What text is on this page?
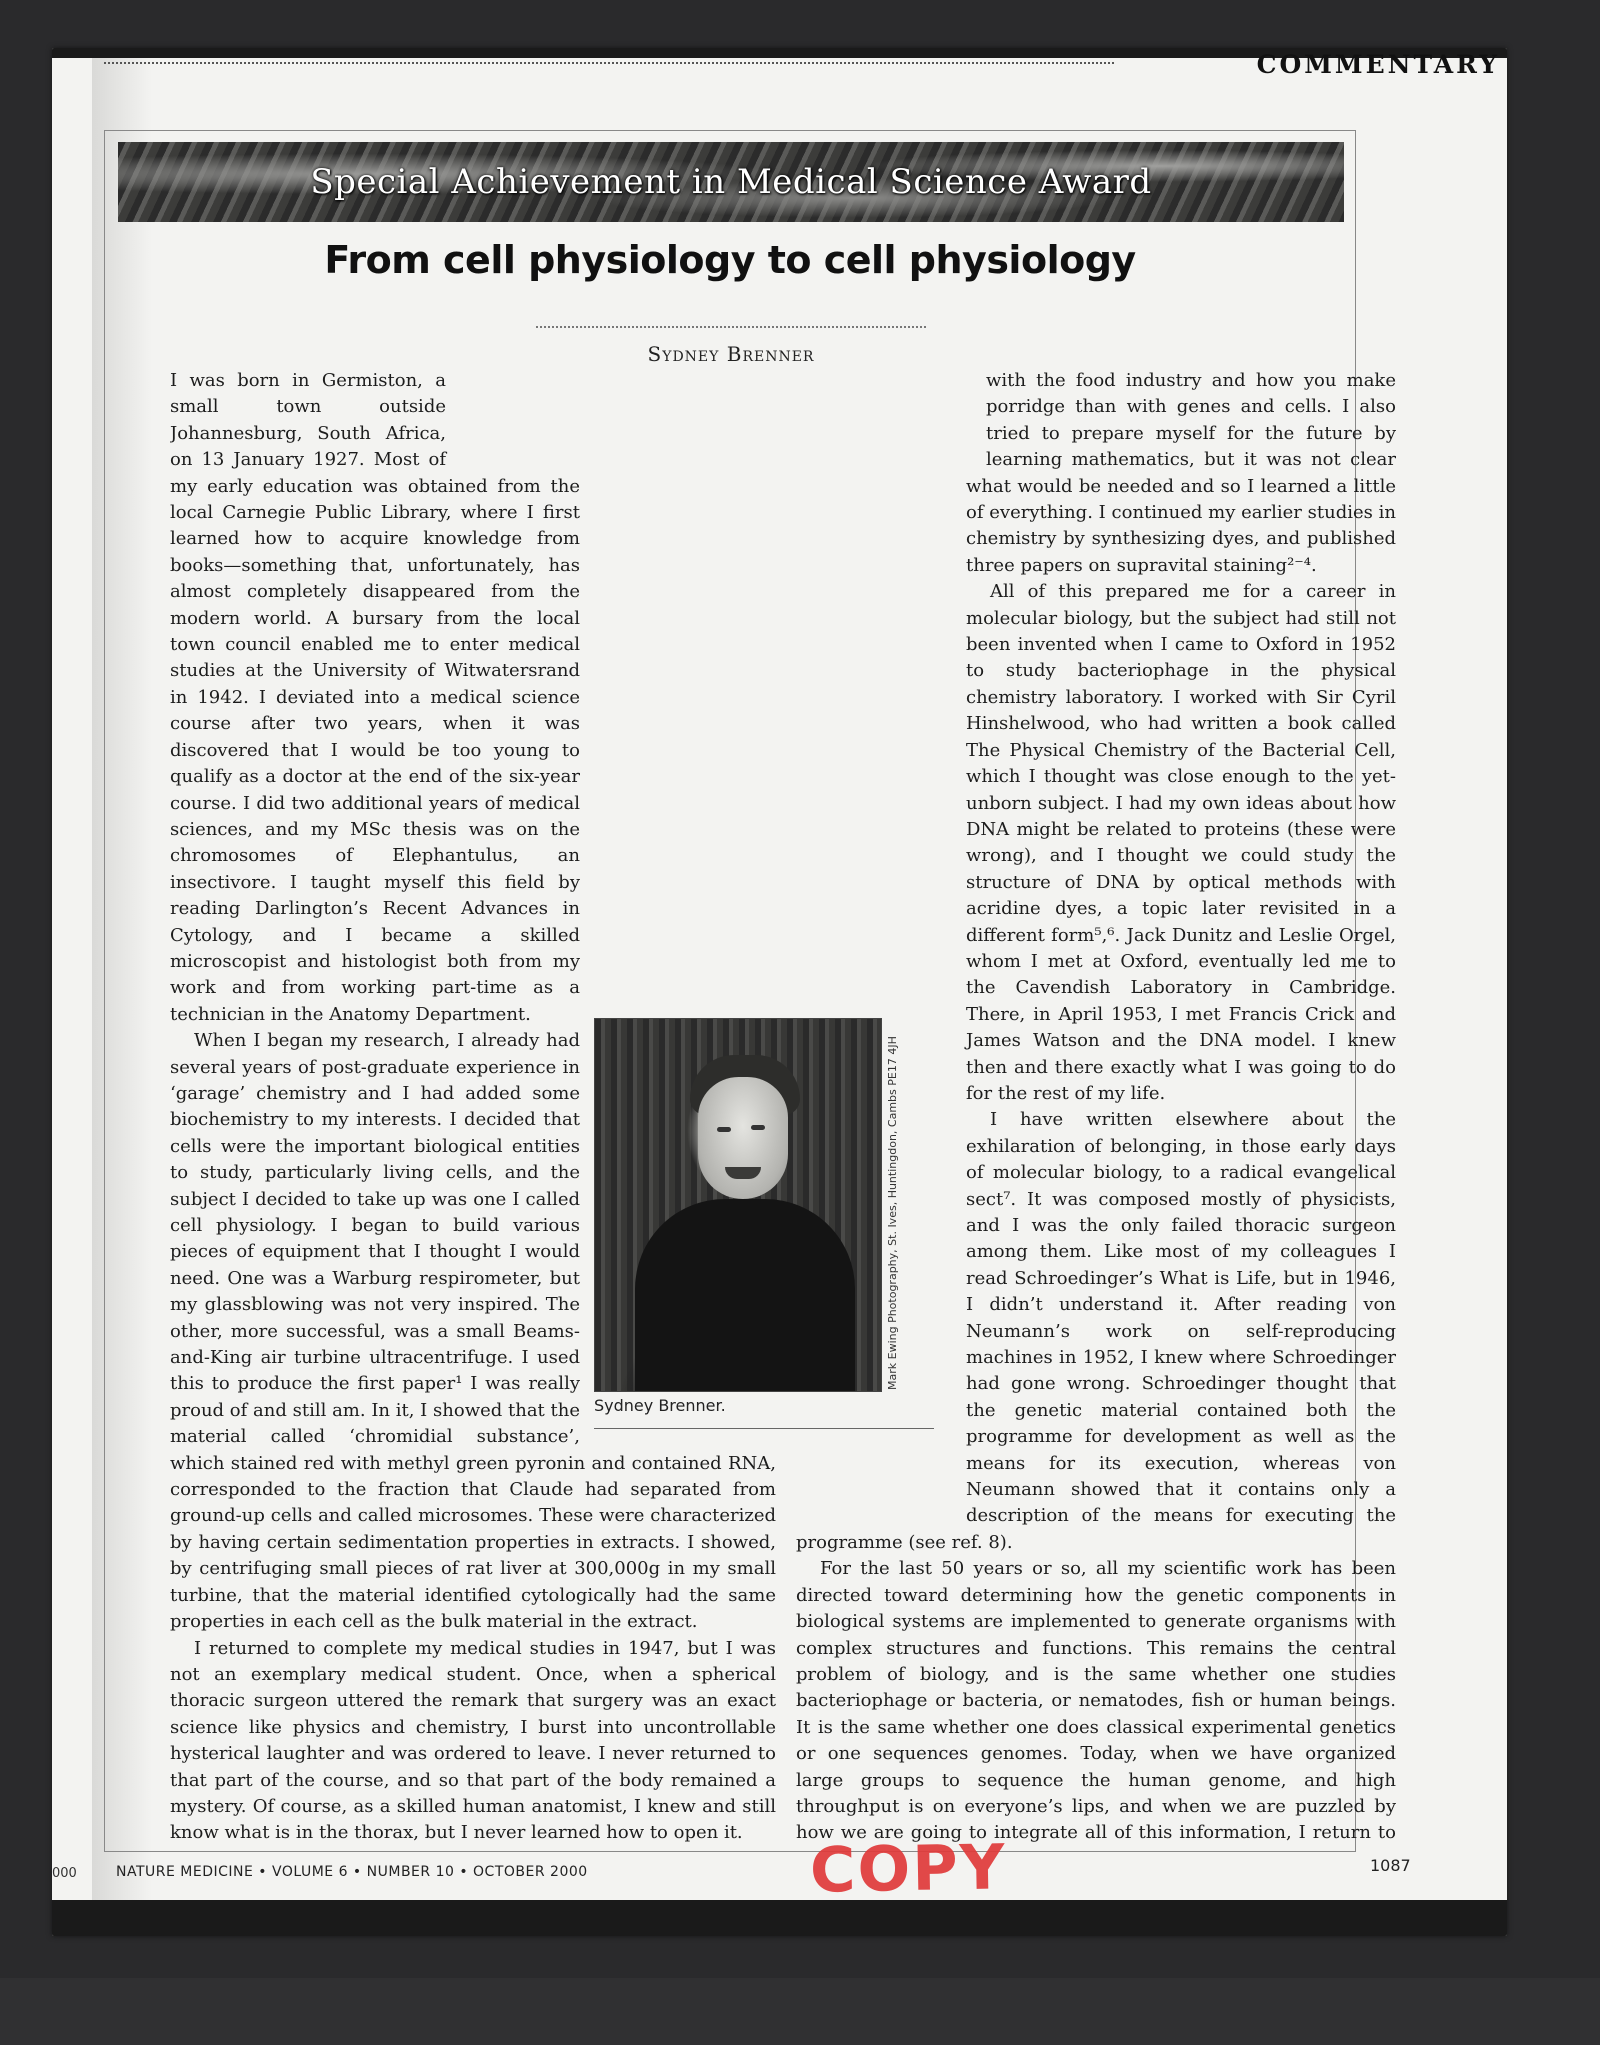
COMMENTARY
Special Achievement in Medical Science Award
From cell physiology to cell physiology
Sydney Brenner

I was born in Germiston, a small town outside Johannesburg, South Africa, on 13 January 1927. Most of my early education was obtained from the local Carnegie Public Library, where I first learned how to acquire knowledge from books—something that, unfortunately, has almost completely disappeared from the modern world. A bursary from the local town council enabled me to enter medical studies at the University of Witwatersrand in 1942. I deviated into a medical science course after two years, when it was discovered that I would be too young to qualify as a doctor at the end of the six-year course. I did two additional years of medical sciences, and my MSc thesis was on the chromosomes of Elephantulus, an insectivore. I taught myself this field by reading Darlington’s Recent Advances in Cytology, and I became a skilled microscopist and histologist both from my work and from working part-time as a technician in the Anatomy Department.

When I began my research, I already had several years of post-graduate experience in ‘garage’ chemistry and I had added some biochemistry to my interests. I decided that cells were the important biological entities to study, particularly living cells, and the subject I decided to take up was one I called cell physiology. I began to build various pieces of equipment that I thought I would need. One was a Warburg respirometer, but my glassblowing was not very inspired. The other, more successful, was a small Beams-and-King air turbine ultracentrifuge. I used this to produce the first paper¹ I was really proud of and still am. In it, I showed that the material called ‘chromidial substance’, which stained red with methyl green pyronin and contained RNA, corresponded to the fraction that Claude had separated from ground-up cells and called microsomes. These were characterized by having certain sedimentation properties in extracts. I showed, by centrifuging small pieces of rat liver at 300,000g in my small turbine, that the material identified cytologically had the same properties in each cell as the bulk material in the extract.

I returned to complete my medical studies in 1947, but I was not an exemplary medical student. Once, when a spherical thoracic surgeon uttered the remark that surgery was an exact science like physics and chemistry, I burst into uncontrollable hysterical laughter and was ordered to leave. I never returned to that part of the course, and so that part of the body remained a mystery. Of course, as a skilled human anatomist, I knew and still know what is in the thorax, but I never learned how to open it.

with the food industry and how you make porridge than with genes and cells. I also tried to prepare myself for the future by learning mathematics, but it was not clear what would be needed and so I learned a little of everything. I continued my earlier studies in chemistry by synthesizing dyes, and published three papers on supravital staining²⁻⁴.

All of this prepared me for a career in molecular biology, but the subject had still not been invented when I came to Oxford in 1952 to study bacteriophage in the physical chemistry laboratory. I worked with Sir Cyril Hinshelwood, who had written a book called The Physical Chemistry of the Bacterial Cell, which I thought was close enough to the yet-unborn subject. I had my own ideas about how DNA might be related to proteins (these were wrong), and I thought we could study the structure of DNA by optical methods with acridine dyes, a topic later revisited in a different form⁵,⁶. Jack Dunitz and Leslie Orgel, whom I met at Oxford, eventually led me to the Cavendish Laboratory in Cambridge. There, in April 1953, I met Francis Crick and James Watson and the DNA model. I knew then and there exactly what I was going to do for the rest of my life.

I have written elsewhere about the exhilaration of belonging, in those early days of molecular biology, to a radical evangelical sect⁷. It was composed mostly of physicists, and I was the only failed thoracic surgeon among them. Like most of my colleagues I read Schroedinger’s What is Life, but in 1946, I didn’t understand it. After reading von Neumann’s work on self-reproducing machines in 1952, I knew where Schroedinger had gone wrong. Schroedinger thought that the genetic material contained both the programme for development as well as the means for its execution, whereas von Neumann showed that it contains only a description of the means for executing the programme (see ref. 8).

For the last 50 years or so, all my scientific work has been directed toward determining how the genetic components in biological systems are implemented to generate organisms with complex structures and functions. This remains the central problem of biology, and is the same whether one studies bacteriophage or bacteria, or nematodes, fish or human beings. It is the same whether one does classical experimental genetics or one sequences genomes. Today, when we have organized large groups to sequence the human genome, and high throughput is on everyone’s lips, and when we are puzzled by how we are going to integrate all of this information, I return to

Mark Ewing Photography, St. Ives, Huntingdon, Cambs PE17 4JH
Sydney Brenner.
NATURE MEDICINE • VOLUME 6 • NUMBER 10 • OCTOBER 2000	1087
COPY
000
